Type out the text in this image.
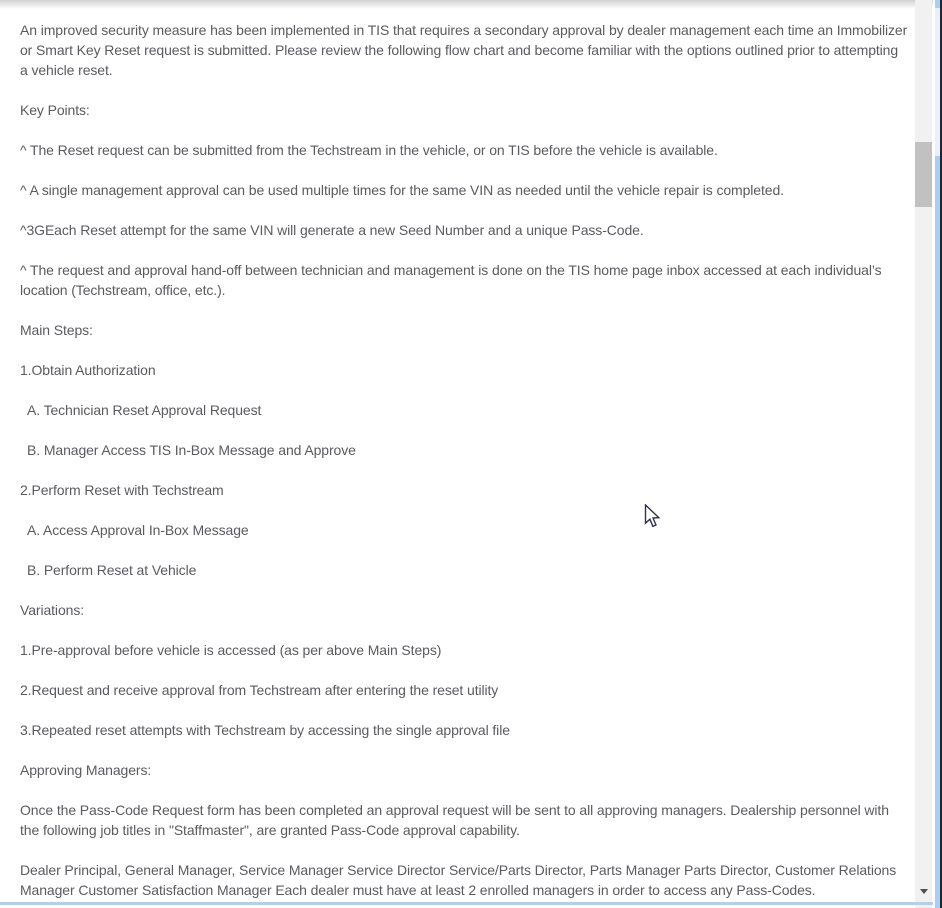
An improved security measure has been implemented in TIS that requires a secondary approval by dealer management each time an Immobilizer or Smart Key Reset request is submitted. Please review the following flow chart and become familiar with the options outlined prior to attempting a vehicle reset.

Key Points:

^ The Reset request can be submitted from the Techstream in the vehicle, or on TIS before the vehicle is available.

^ A single management approval can be used multiple times for the same VIN as needed until the vehicle repair is completed.

^3GEach Reset attempt for the same VIN will generate a new Seed Number and a unique Pass-Code.

^ The request and approval hand-off between technician and management is done on the TIS home page inbox accessed at each individual’s location (Techstream, office, etc.).

Main Steps:

1.Obtain Authorization

A. Technician Reset Approval Request

B. Manager Access TIS In-Box Message and Approve

2.Perform Reset with Techstream

A. Access Approval In-Box Message

B. Perform Reset at Vehicle

Variations:

1.Pre-approval before vehicle is accessed (as per above Main Steps)

2.Request and receive approval from Techstream after entering the reset utility

3.Repeated reset attempts with Techstream by accessing the single approval file

Approving Managers:

Once the Pass-Code Request form has been completed an approval request will be sent to all approving managers. Dealership personnel with the following job titles in "Staffmaster", are granted Pass-Code approval capability.

Dealer Principal, General Manager, Service Manager Service Director Service/Parts Director, Parts Manager Parts Director, Customer Relations Manager Customer Satisfaction Manager Each dealer must have at least 2 enrolled managers in order to access any Pass-Codes.
